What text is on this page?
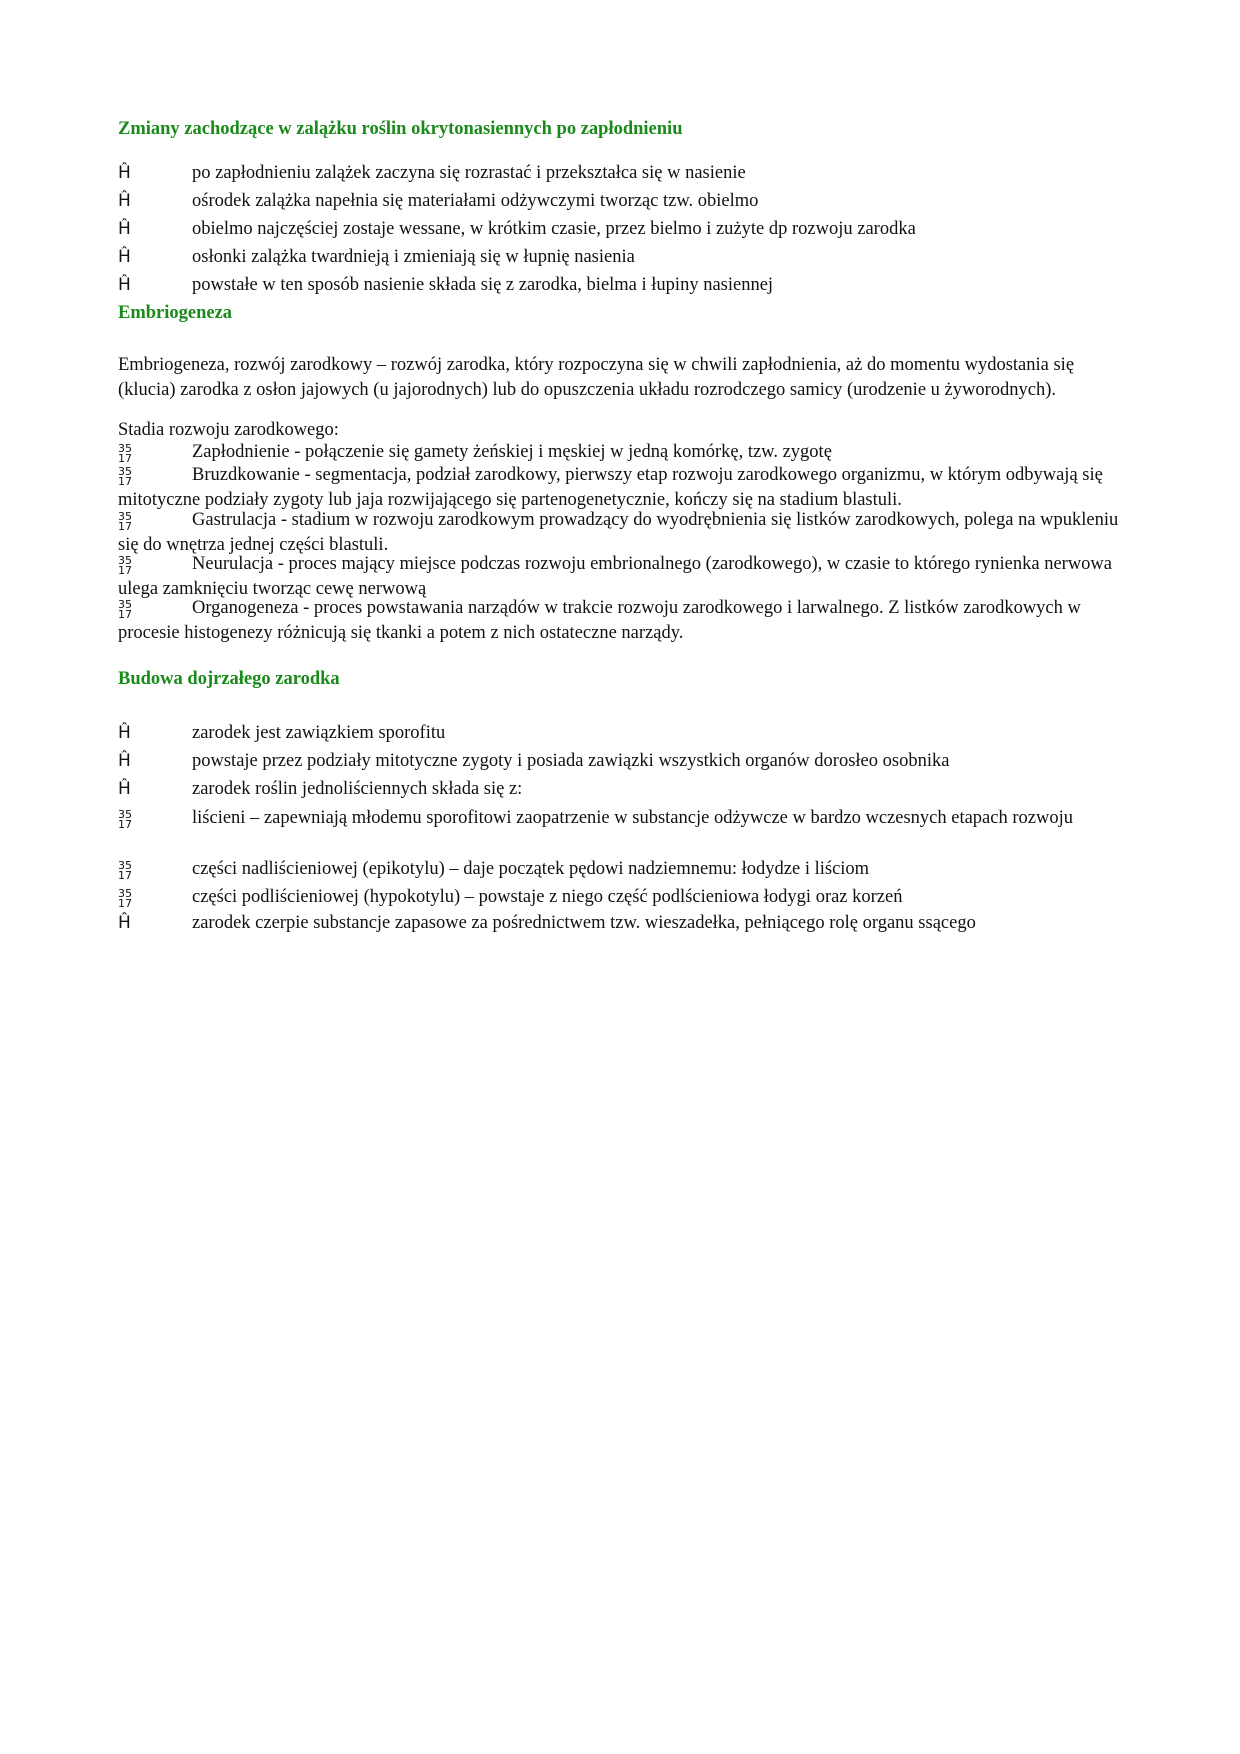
Zmiany zachodzące w zalążku roślin okrytonasiennych po zapłodnieniu
Ĥ	po zapłodnieniu zalążek zaczyna się rozrastać i przekształca się w nasienie
Ĥ	ośrodek zalążka napełnia się materiałami odżywczymi tworząc tzw. obielmo
Ĥ	obielmo najczęściej zostaje wessane, w krótkim czasie, przez bielmo i zużyte dp rozwoju zarodka
Ĥ	osłonki zalążka twardnieją i zmieniają się w łupnię nasienia
Ĥ	powstałe w ten sposób nasienie składa się z zarodka, bielma i łupiny nasiennej
Embriogeneza
Embriogeneza, rozwój zarodkowy – rozwój zarodka, który rozpoczyna się w chwili zapłodnienia, aż do momentu wydostania się (klucia) zarodka z osłon jajowych (u jajorodnych) lub do opuszczenia układu rozrodczego samicy (urodzenie u żyworodnych).
Stadia rozwoju zarodkowego:
35
17	Zapłodnienie - połączenie się gamety żeńskiej i męskiej w jedną komórkę, tzw. zygotę
35
17	Bruzdkowanie - segmentacja, podział zarodkowy, pierwszy etap rozwoju zarodkowego organizmu, w którym odbywają się mitotyczne podziały zygoty lub jaja rozwijającego się partenogenetycznie, kończy się na stadium blastuli.
35
17	Gastrulacja - stadium w rozwoju zarodkowym prowadzący do wyodrębnienia się listków zarodkowych, polega na wpukleniu się do wnętrza jednej części blastuli.
35
17	Neurulacja - proces mający miejsce podczas rozwoju embrionalnego (zarodkowego), w czasie to którego rynienka nerwowa ulega zamknięciu tworząc cewę nerwową
35
17	Organogeneza - proces powstawania narządów w trakcie rozwoju zarodkowego i larwalnego. Z listków zarodkowych w procesie histogenezy różnicują się tkanki a potem z nich ostateczne narządy.
Budowa dojrzałego zarodka
Ĥ	zarodek jest zawiązkiem sporofitu
Ĥ	powstaje przez podziały mitotyczne zygoty i posiada zawiązki wszystkich organów dorosłeo osobnika
Ĥ	zarodek roślin jednoliściennych składa się z:
35
17	liścieni – zapewniają młodemu sporofitowi zaopatrzenie w substancje odżywcze w bardzo wczesnych etapach rozwoju
35
17	części nadliścieniowej (epikotylu) – daje początek pędowi nadziemnemu: łodydze i liściom
35
17	części podliścieniowej (hypokotylu) – powstaje z niego część podlścieniowa łodygi oraz korzeń
Ĥ	zarodek czerpie substancje zapasowe za pośrednictwem tzw. wieszadełka, pełniącego rolę organu ssącego
